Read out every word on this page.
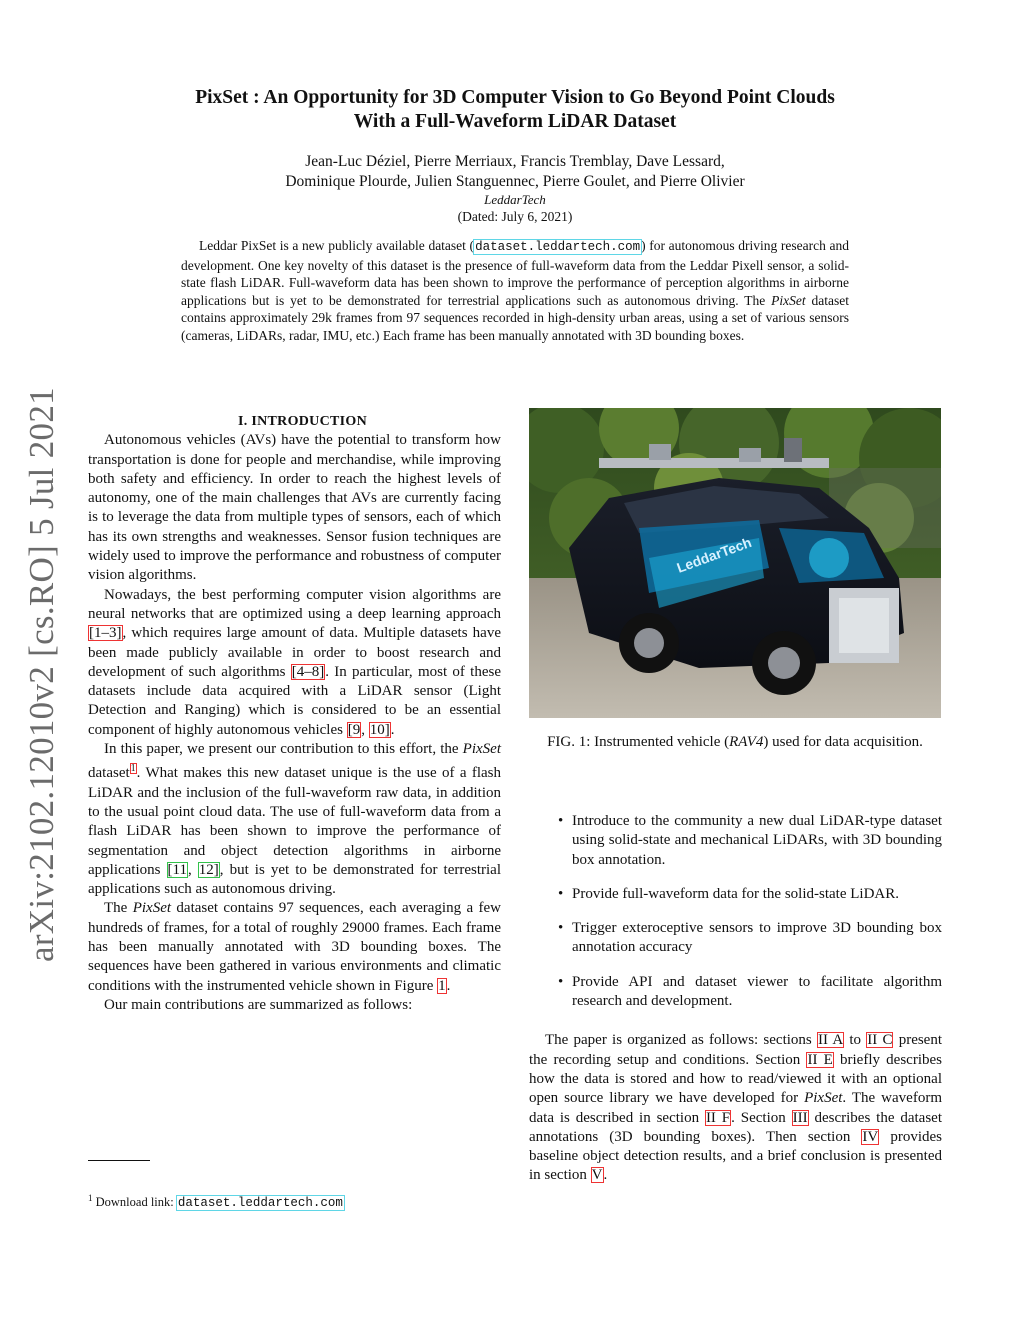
arXiv:2102.12010v2 [cs.RO] 5 Jul 2021
PixSet : An Opportunity for 3D Computer Vision to Go Beyond Point Clouds
With a Full-Waveform LiDAR Dataset
Jean-Luc Déziel, Pierre Merriaux, Francis Tremblay, Dave Lessard,
Dominique Plourde, Julien Stanguennec, Pierre Goulet, and Pierre Olivier
LeddarTech
(Dated: July 6, 2021)
Leddar PixSet is a new publicly available dataset (dataset.leddartech.com) for autonomous driving research and development. One key novelty of this dataset is the presence of full-waveform data from the Leddar Pixell sensor, a solid-state flash LiDAR. Full-waveform data has been shown to improve the performance of perception algorithms in airborne applications but is yet to be demonstrated for terrestrial applications such as autonomous driving. The PixSet dataset contains approximately 29k frames from 97 sequences recorded in high-density urban areas, using a set of various sensors (cameras, LiDARs, radar, IMU, etc.) Each frame has been manually annotated with 3D bounding boxes.

I. INTRODUCTION

Autonomous vehicles (AVs) have the potential to transform how transportation is done for people and merchandise, while improving both safety and efficiency. In order to reach the highest levels of autonomy, one of the main challenges that AVs are currently facing is to leverage the data from multiple types of sensors, each of which has its own strengths and weaknesses. Sensor fusion techniques are widely used to improve the performance and robustness of computer vision algorithms.

Nowadays, the best performing computer vision algorithms are neural networks that are optimized using a deep learning approach [1–3], which requires large amount of data. Multiple datasets have been made publicly available in order to boost research and development of such algorithms [4–8]. In particular, most of these datasets include data acquired with a LiDAR sensor (Light Detection and Ranging) which is considered to be an essential component of highly autonomous vehicles [9, 10].

In this paper, we present our contribution to this effort, the PixSet dataset$^1$. What makes this new dataset unique is the use of a flash LiDAR and the inclusion of the full-waveform raw data, in addition to the usual point cloud data. The use of full-waveform data from a flash LiDAR has been shown to improve the performance of segmentation and object detection algorithms in airborne applications [11, 12], but is yet to be demonstrated for terrestrial applications such as autonomous driving.

The PixSet dataset contains 97 sequences, each averaging a few hundreds of frames, for a total of roughly 29000 frames. Each frame has been manually annotated with 3D bounding boxes. The sequences have been gathered in various environments and climatic conditions with the instrumented vehicle shown in Figure 1.

Our main contributions are summarized as follows:

LeddarTech
FIG. 1: Instrumented vehicle (RAV4) used for data acquisition.
• Introduce to the community a new dual LiDAR-type dataset using solid-state and mechanical LiDARs, with 3D bounding box annotation.
• Provide full-waveform data for the solid-state LiDAR.
• Trigger exteroceptive sensors to improve 3D bounding box annotation accuracy
• Provide API and dataset viewer to facilitate algorithm research and development.

The paper is organized as follows: sections II A to II C present the recording setup and conditions. Section II E briefly describes how the data is stored and how to read/viewed it with an optional open source library we have developed for PixSet. The waveform data is described in section II F. Section III describes the dataset annotations (3D bounding boxes). Then section IV provides baseline object detection results, and a brief conclusion is presented in section V.

$^1$ Download link: dataset.leddartech.com
